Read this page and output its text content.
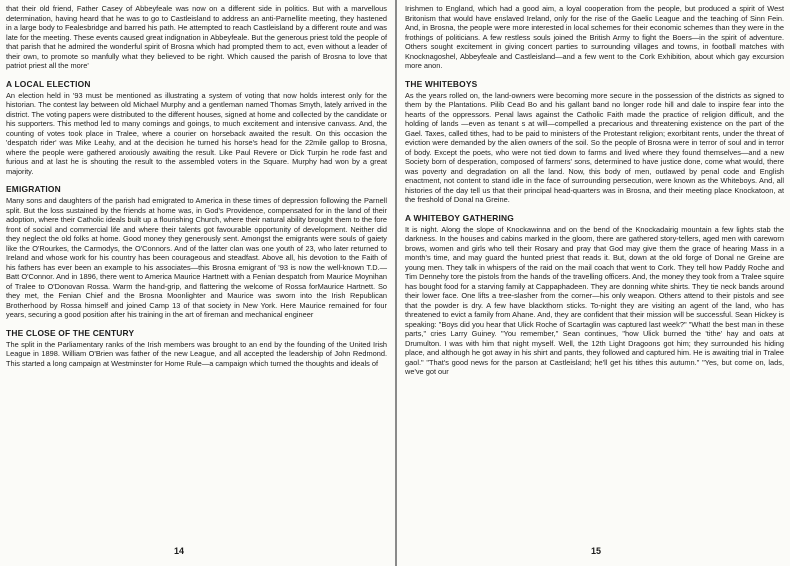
that their old friend, Father Casey of Abbeyfeale was now on a different side in politics. But with a marvellous determination, having heard that he was to go to Castleisland to address an anti-Parnellite meeting, they hastened in a large body to Fealesbridge and barred his path. He attempted to reach Castleisland by a different route and was late for the meeting. These events caused great indignation in Abbeyfeale. But the generous priest told the people of that parish that he admired the wonderful spirit of Brosna which had prompted them to act, even without a leader of their own, to promote so manfully what they believed to be right. Which caused the parish of Brosna to love that patriot priest all the more'

A LOCAL ELECTION

An election held in '93 must be mentioned as illustrating a system of voting that now holds interest only for the historian. The contest lay between old Michael Murphy and a gentleman named Thomas Smyth, lately arrived in the district. The voting papers were distributed to the different houses, signed at home and collected by the candidate or his supporters. This method led to many comings and goings, to much excitement and intensive canvass. And, the counting of votes took place in Tralee, where a courier on horseback awaited the result. On this occasion the 'despatch rider' was Mike Leahy, and at the decision he turned his horse's head for the 22mile gallop to Brosna, where the people were gathered anxiously awaiting the result. Like Paul Revere or Dick Turpin he rode fast and furious and at last he is shouting the result to the assembled voters in the Square. Murphy had won by a great majority.

EMIGRATION

Many sons and daughters of the parish had emigrated to America in these times of depression following the Parnell split. But the loss sustained by the friends at home was, in God's Providence, compensated for in the land of their adoption, where their Catholic ideals built up a flourishing Church, where their natural ability brought them to the fore front of social and commercial life and where their talents got favourable opportunity of development. Neither did they neglect the old folks at home. Good money they generously sent. Amongst the emigrants were souls of gaiety like the O'Rourkes, the Carmodys, the O'Connors. And of the latter clan was one youth of 23, who later returned to Ireland and whose work for his country has been courageous and steadfast. Above all, his devotion to the Faith of his fathers has ever been an example to his associates—this Brosna emigrant of '93 is now the well-known T.D.—Batt O'Connor. And in 1896, there went to America Maurice Hartnett with a Fenian despatch from Maurice Moynihan of Tralee to O'Donovan Rossa. Warm the hand-grip, and flattering the welcome of Rossa forMaurice Hartnett. So they met, the Fenian Chief and the Brosna Moonlighter and Maurice was sworn into the Irish Republican Brotherhood by Rossa himself and joined Camp 13 of that society in New York. Here Maurice remained for four years, securing a good position after his training in the art of fireman and mechanical engineer

THE CLOSE OF THE CENTURY

The split in the Parliamentary ranks of the Irish members was brought to an end by the founding of the United Irish League in 1898. William O'Brien was father of the new League, and all accepted the leadership of John Redmond. This started a long campaign at Westminster for Home Rule—a campaign which turned the thoughts and ideals of

14

Irishmen to England, which had a good aim, a loyal cooperation from the people, but produced a spirit of West Britonism that would have enslaved Ireland, only for the rise of the Gaelic League and the teaching of Sinn Fein. And, in Brosna, the people were more interested in local schemes for their economic schemes than they were in the frothings of politicians. A few restless souls joined the British Army to fight the Boers—in the spirit of adventure. Others sought excitement in giving concert parties to surrounding villages and towns, in football matches with Knocknagoshel, Abbeyfeale and Castleisland—and a few went to the Cork Exhibition, about which gay excursion more anon.

THE WHITEBOYS

As the years rolled on, the land-owners were becoming more secure in the possession of the districts as signed to them by the Plantations. Pilib Cead Bo and his gallant band no longer rode hill and dale to inspire fear into the hearts of the oppressors. Penal laws against the Catholic Faith made the practice of religion difficult, and the holding of lands —even as tenant s at will—compelled a precarious and threatening existence on the part of the Gael. Taxes, called tithes, had to be paid to ministers of the Protestant religion; exorbitant rents, under the threat of eviction were demanded by the alien owners of the soil. So the people of Brosna were in terror of soul and in terror of body. Except the poets, who were not tied down to farms and lived where they found themselves—and a new Society born of desperation, composed of farmers' sons, determined to have justice done, come what would, there was poverty and degradation on all the land. Now, this body of men, outlawed by penal code and English enactment, not content to stand idle in the face of surrounding persecution, were known as the Whiteboys. And, all histories of the day tell us that their principal head-quarters was in Brosna, and their meeting place Knockatoon, at the freshold of Donal na Greine.

A WHITEBOY GATHERING

It is night. Along the slope of Knockawinna and on the bend of the Knockadairig mountain a few lights stab the darkness. In the houses and cabins marked in the gloom, there are gathered story-tellers, aged men with careworn brows, women and girls who tell their Rosary and pray that God may give them the grace of hearing Mass in a month's time, and may guard the hunted priest that reads it. But, down at the old forge of Donal ne Greine are young men. They talk in whispers of the raid on the mail coach that went to Cork. They tell how Paddy Roche and Tim Dennehy tore the pistols from the hands of the travelling officers. And, the money they took from a Tralee squire has bought food for a starving family at Cappaphadeen. They are donning white shirts. They tie neck bands around their lower face. One lifts a tree-slasher from the corner—his only weapon. Others attend to their pistols and see that the powder is dry. A few have blackthorn sticks. To-night they are visiting an agent of the land, who has threatened to evict a family from Ahane. And, they are confident that their mission will be successful. Sean Hickey is speaking: "Boys did you hear that Ulick Roche of Scartaglin was captured last week?" "What! the best man in these parts," cries Larry Guiney. "You remember," Sean continues, "how Ulick burned the 'tithe' hay and oats at Drumulton. I was with him that night myself. Well, the 12th Light Dragoons got him; they surrounded his hiding place, and although he got away in his shirt and pants, they followed and captured him. He is awaiting trial in Tralee gaol." "That's good news for the parson at Castleisland; he'll get his tithes this autumn." "Yes, but come on, lads, we've got our

15
